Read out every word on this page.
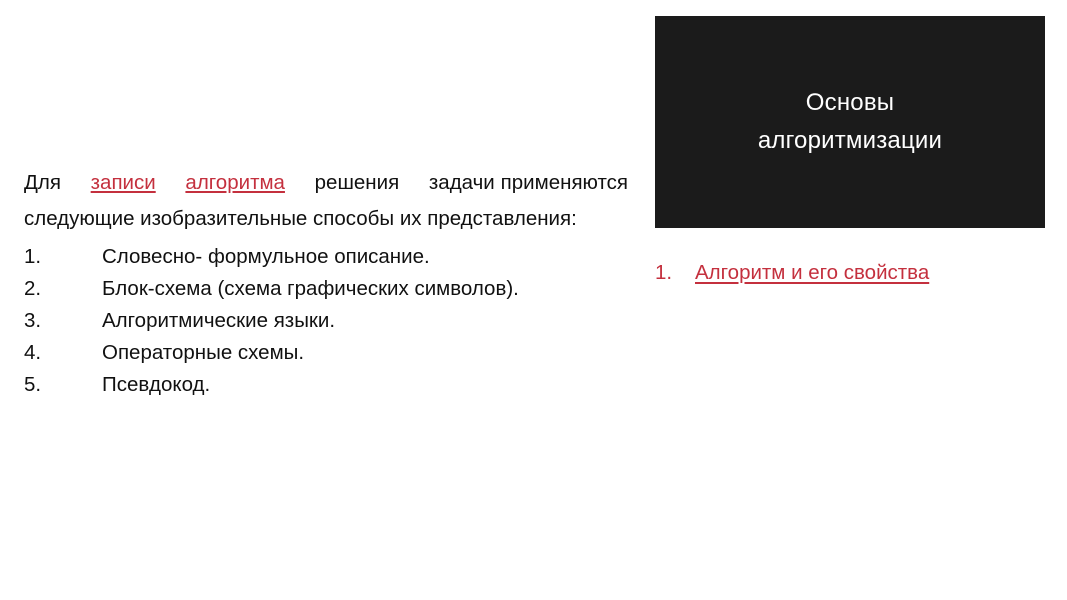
Для записи алгоритма решения задачи применяются следующие изобразительные способы их представления:

1.	Словесно- формульное описание.
2.	Блок-схема (схема графических символов).
3.	Алгоритмические языки.
4.	Операторные схемы.
5.	Псевдокод.
Основы
алгоритмизации
1.	Алгоритм и его свойства
